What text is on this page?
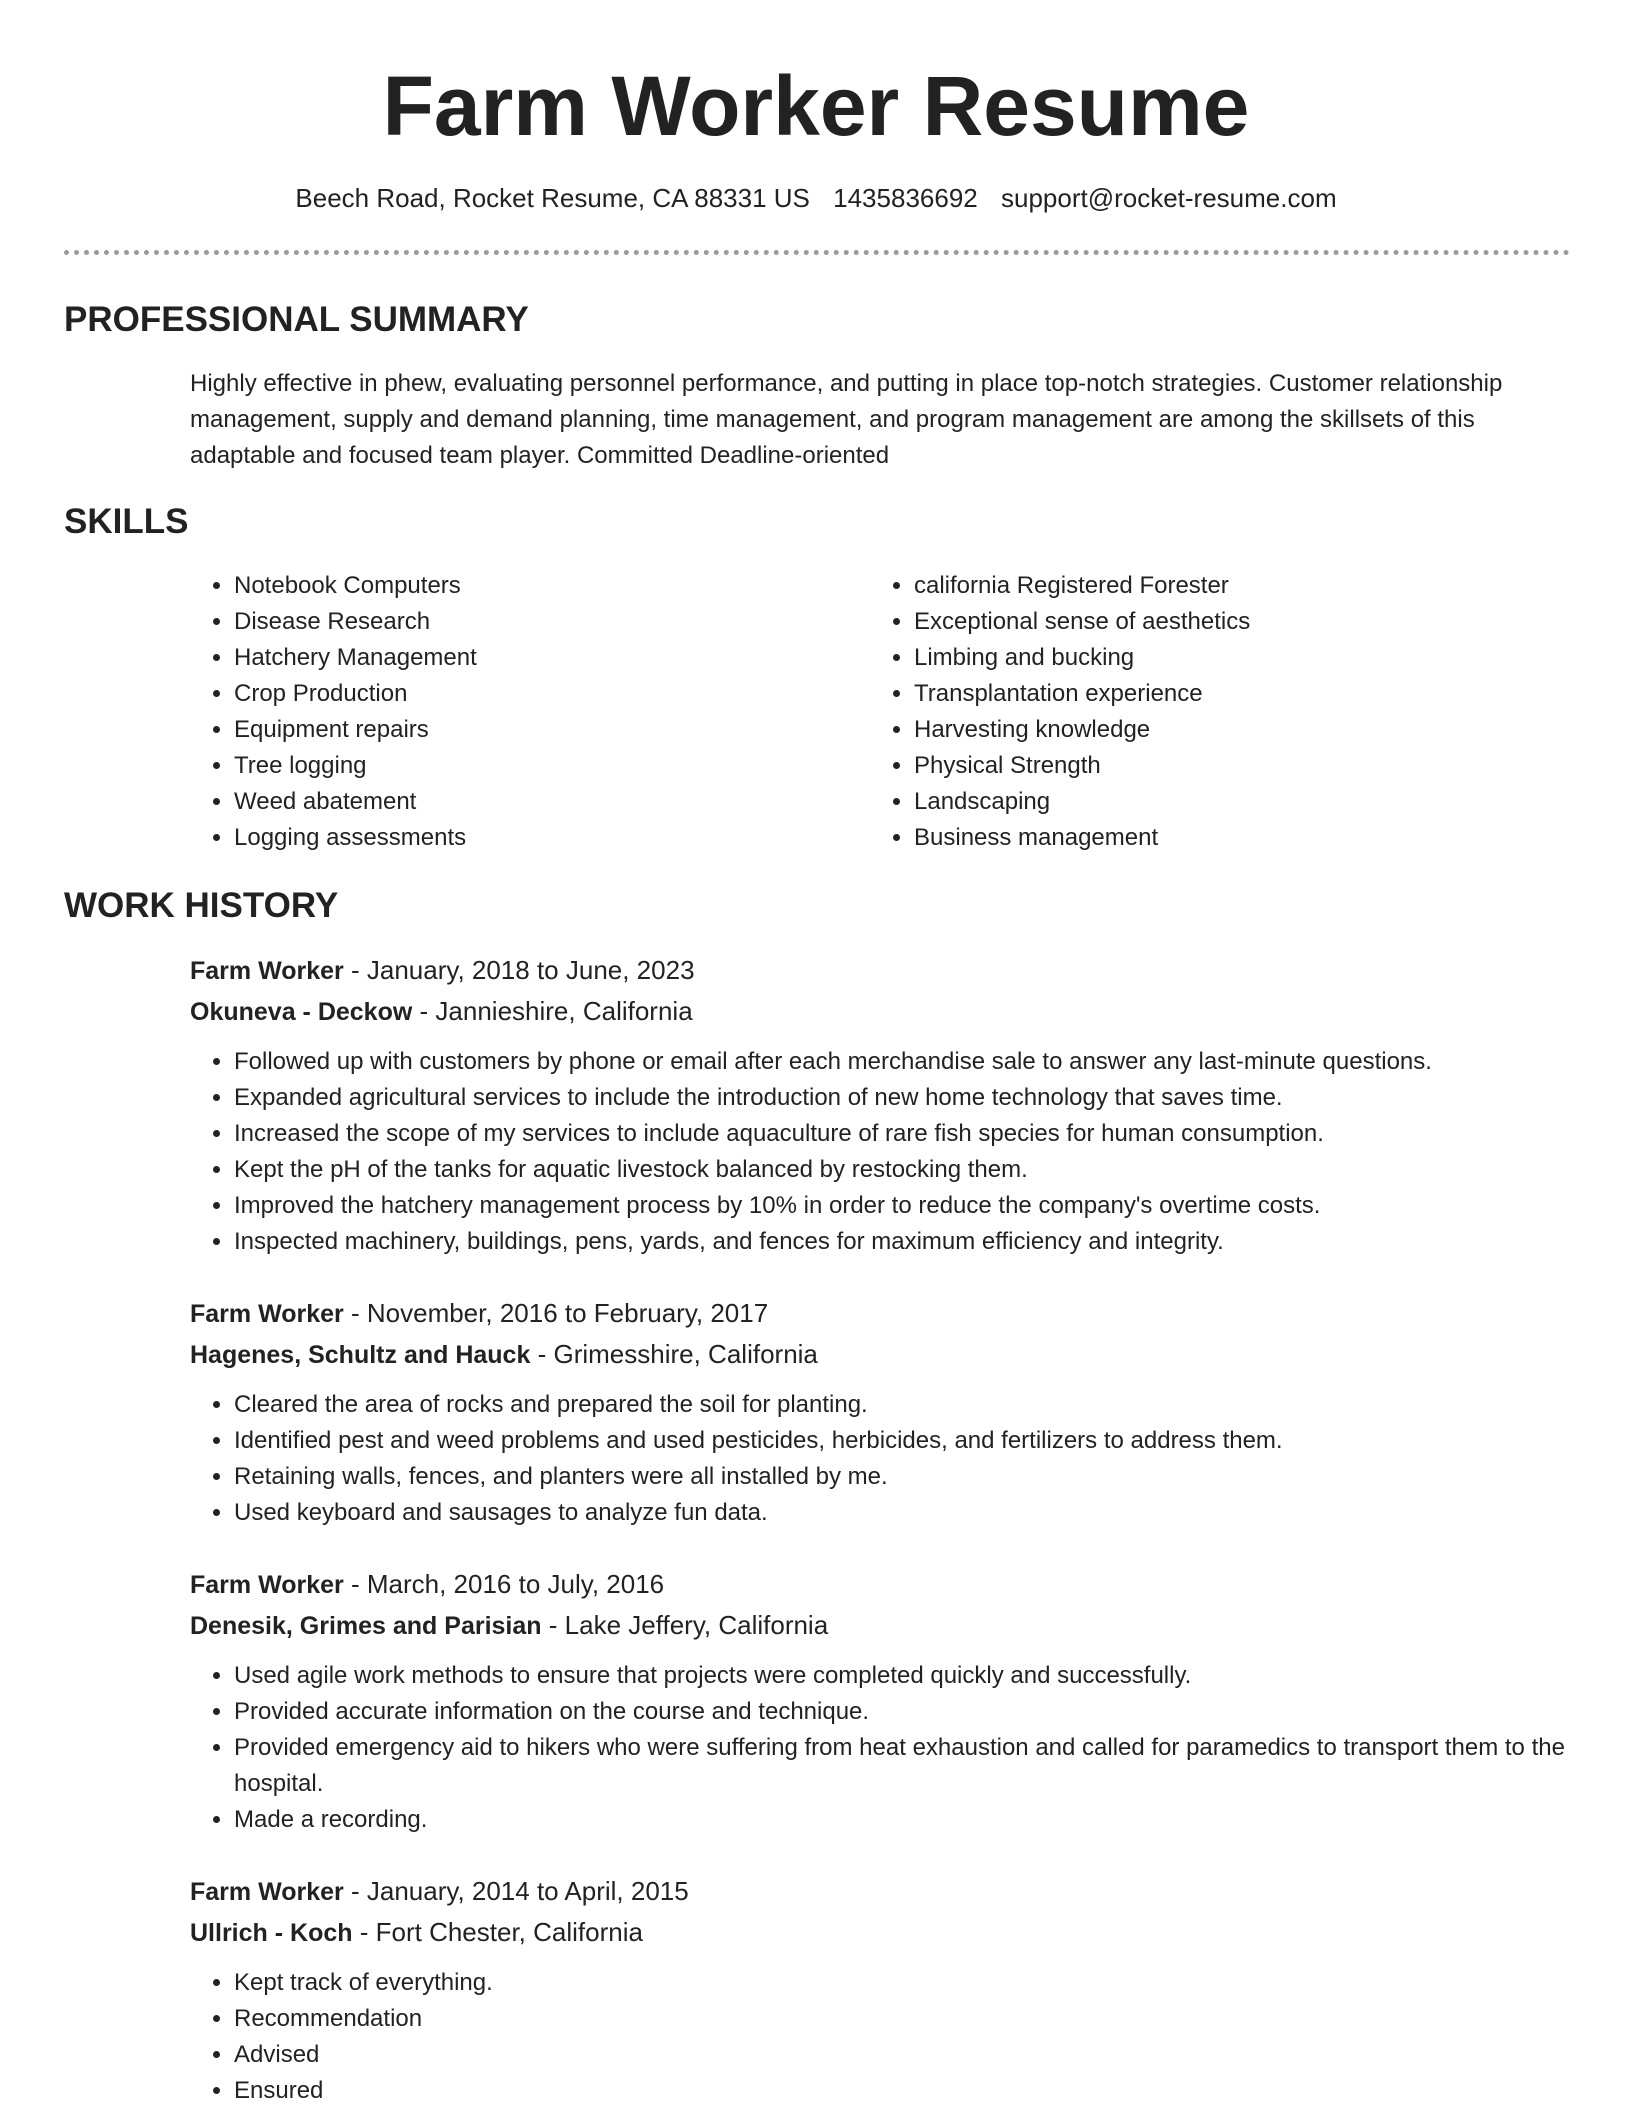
Farm Worker Resume
Beech Road, Rocket Resume, CA 88331 US 1435836692 support@rocket-resume.com
PROFESSIONAL SUMMARY

Highly effective in phew, evaluating personnel performance, and putting in place top-notch strategies. Customer relationship management, supply and demand planning, time management, and program management are among the skillsets of this adaptable and focused team player. Committed Deadline-oriented

SKILLS
• Notebook Computers
• Disease Research
• Hatchery Management
• Crop Production
• Equipment repairs
• Tree logging
• Weed abatement
• Logging assessments
• california Registered Forester
• Exceptional sense of aesthetics
• Limbing and bucking
• Transplantation experience
• Harvesting knowledge
• Physical Strength
• Landscaping
• Business management
WORK HISTORY

Farm Worker - January, 2018 to June, 2023

Okuneva - Deckow - Jannieshire, California

• Followed up with customers by phone or email after each merchandise sale to answer any last-minute questions.
• Expanded agricultural services to include the introduction of new home technology that saves time.
• Increased the scope of my services to include aquaculture of rare fish species for human consumption.
• Kept the pH of the tanks for aquatic livestock balanced by restocking them.
• Improved the hatchery management process by 10% in order to reduce the company's overtime costs.
• Inspected machinery, buildings, pens, yards, and fences for maximum efficiency and integrity.

Farm Worker - November, 2016 to February, 2017

Hagenes, Schultz and Hauck - Grimesshire, California

• Cleared the area of rocks and prepared the soil for planting.
• Identified pest and weed problems and used pesticides, herbicides, and fertilizers to address them.
• Retaining walls, fences, and planters were all installed by me.
• Used keyboard and sausages to analyze fun data.

Farm Worker - March, 2016 to July, 2016

Denesik, Grimes and Parisian - Lake Jeffery, California

• Used agile work methods to ensure that projects were completed quickly and successfully.
• Provided accurate information on the course and technique.
• Provided emergency aid to hikers who were suffering from heat exhaustion and called for paramedics to transport them to the hospital.
• Made a recording.

Farm Worker - January, 2014 to April, 2015

Ullrich - Koch - Fort Chester, California

• Kept track of everything.
• Recommendation
• Advised
• Ensured
